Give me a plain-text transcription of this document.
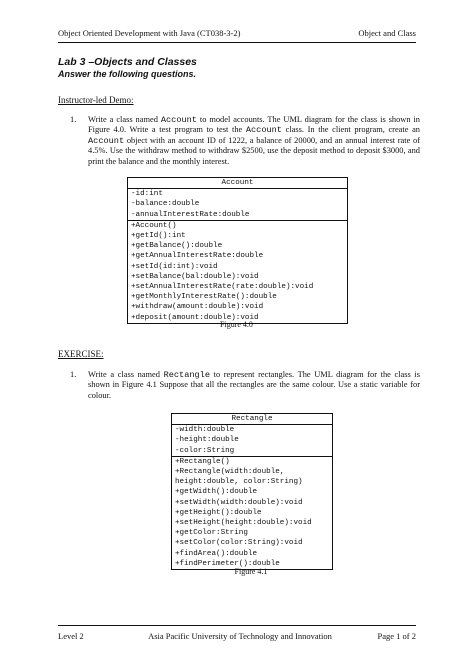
Object Oriented Development with Java (CT038-3-2)	Object and Class
Lab 3 –Objects and Classes
Answer the following questions.
Instructor-led Demo:
1. Write a class named Account to model accounts. The UML diagram for the class is shown in Figure 4.0. Write a test program to test the Account class. In the client program, create an Account object with an account ID of 1222, a balance of 20000, and an annual interest rate of 4.5%. Use the withdraw method to withdraw $2500, use the deposit method to deposit $3000, and print the balance and the monthly interest.
Account
-id:int
-balance:double
-annualInterestRate:double
+Account()
+getId():int
+getBalance():double
+getAnnualInterestRate:double
+setId(id:int):void
+setBalance(bal:double):void
+setAnnualInterestRate(rate:double):void
+getMonthlyInterestRate():double
+withdraw(amount:double):void
+deposit(amount:double):void
Figure 4.0
EXERCISE:
1. Write a class named Rectangle to represent rectangles. The UML diagram for the class is shown in Figure 4.1 Suppose that all the rectangles are the same colour. Use a static variable for colour.
Rectangle
-width:double
-height:double
-color:String
+Rectangle()
+Rectangle(width:double,
height:double, color:String)
+getWidth():double
+setWidth(width:double):void
+getHeight():double
+setHeight(height:double):void
+getColor:String
+setColor(color:String):void
+findArea():double
+findPerimeter():double
Figure 4.1
Level 2	Asia Pacific University of Technology and Innovation	Page 1 of 2
